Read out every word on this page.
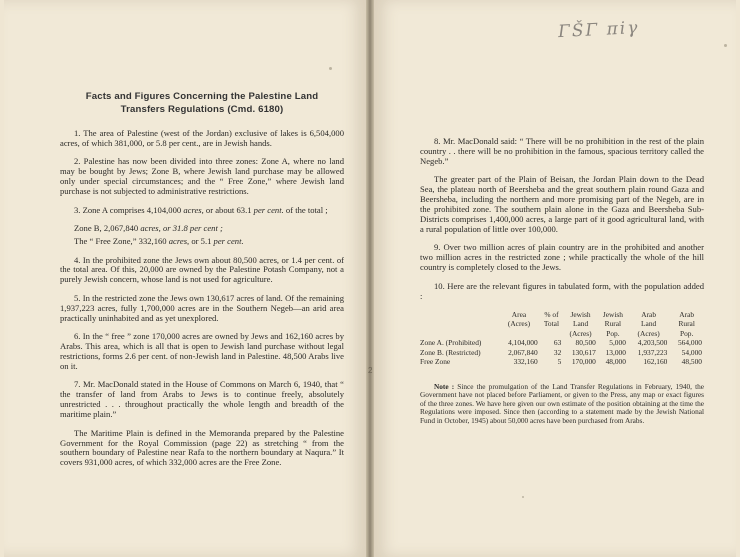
2
Facts and Figures Concerning the Palestine Land
Transfers Regulations (Cmd. 6180)

1. The area of Palestine (west of the Jordan) exclusive of lakes is 6,504,000 acres, of which 381,000, or 5.8 per cent., are in Jewish hands.

2. Palestine has now been divided into three zones: Zone A, where no land may be bought by Jews; Zone B, where Jewish land purchase may be allowed only under special circumstances; and the “ Free Zone,” where Jewish land purchase is not subjected to administrative restrictions.

3. Zone A comprises 4,104,000 acres, or about 63.1 per cent. of the total ;

Zone B, 2,067,840 acres, or 31.8 per cent ;

The “ Free Zone,” 332,160 acres, or 5.1 per cent.

4. In the prohibited zone the Jews own about 80,500 acres, or 1.4 per cent. of the total area. Of this, 20,000 are owned by the Palestine Potash Company, not a purely Jewish concern, whose land is not used for agriculture.

5. In the restricted zone the Jews own 130,617 acres of land. Of the remaining 1,937,223 acres, fully 1,700,000 acres are in the Southern Negeb—an arid area practically uninhabited and as yet unexplored.

6. In the “ free ” zone 170,000 acres are owned by Jews and 162,160 acres by Arabs. This area, which is all that is open to Jewish land purchase without legal restrictions, forms 2.6 per cent. of non-Jewish land in Palestine. 48,500 Arabs live on it.

7. Mr. MacDonald stated in the House of Commons on March 6, 1940, that “ the transfer of land from Arabs to Jews is to continue freely, absolutely unrestricted . . . throughout practically the whole length and breadth of the maritime plain.”

The Maritime Plain is defined in the Memoranda prepared by the Palestine Government for the Royal Commission (page 22) as stretching “ from the southern boundary of Palestine near Rafa to the northern boundary at Naqura.” It covers 931,000 acres, of which 332,000 acres are the Free Zone.

ΓŠΓ πіγ

8. Mr. MacDonald said: “ There will be no prohibition in the rest of the plain country . . there will be no prohibition in the famous, spacious territory called the Negeb.”

The greater part of the Plain of Beisan, the Jordan Plain down to the Dead Sea, the plateau north of Beersheba and the great southern plain round Gaza and Beersheba, including the northern and more promising part of the Negeb, are in the prohibited zone. The southern plain alone in the Gaza and Beersheba Sub-Districts comprises 1,400,000 acres, a large part of it good agricultural land, with a rural population of little over 100,000.

9. Over two million acres of plain country are in the prohibited and another two million acres in the restricted zone ; while practically the whole of the hill country is completely closed to the Jews.

10. Here are the relevant figures in tabulated form, with the population added :

	Area	% of	Jewish	Jewish	Arab	Arab
	(Acres)	Total	Land	Rural	Land	Rural
			(Acres)	Pop.	(Acres)	Pop.
Zone A. (Prohibited)	4,104,000	63	80,500	5,000	4,203,500	564,000
Zone B. (Restricted)	2,067,840	32	130,617	13,000	1,937,223	54,000
Free Zone	332,160	5	170,000	48,000	162,160	48,500

Note : Since the promulgation of the Land Transfer Regulations in February, 1940, the Government have not placed before Parliament, or given to the Press, any map or exact figures of the three zones. We have here given our own estimate of the position obtaining at the time the Regulations were imposed. Since then (according to a statement made by the Jewish National Fund in October, 1945) about 50,000 acres have been purchased from Arabs.
